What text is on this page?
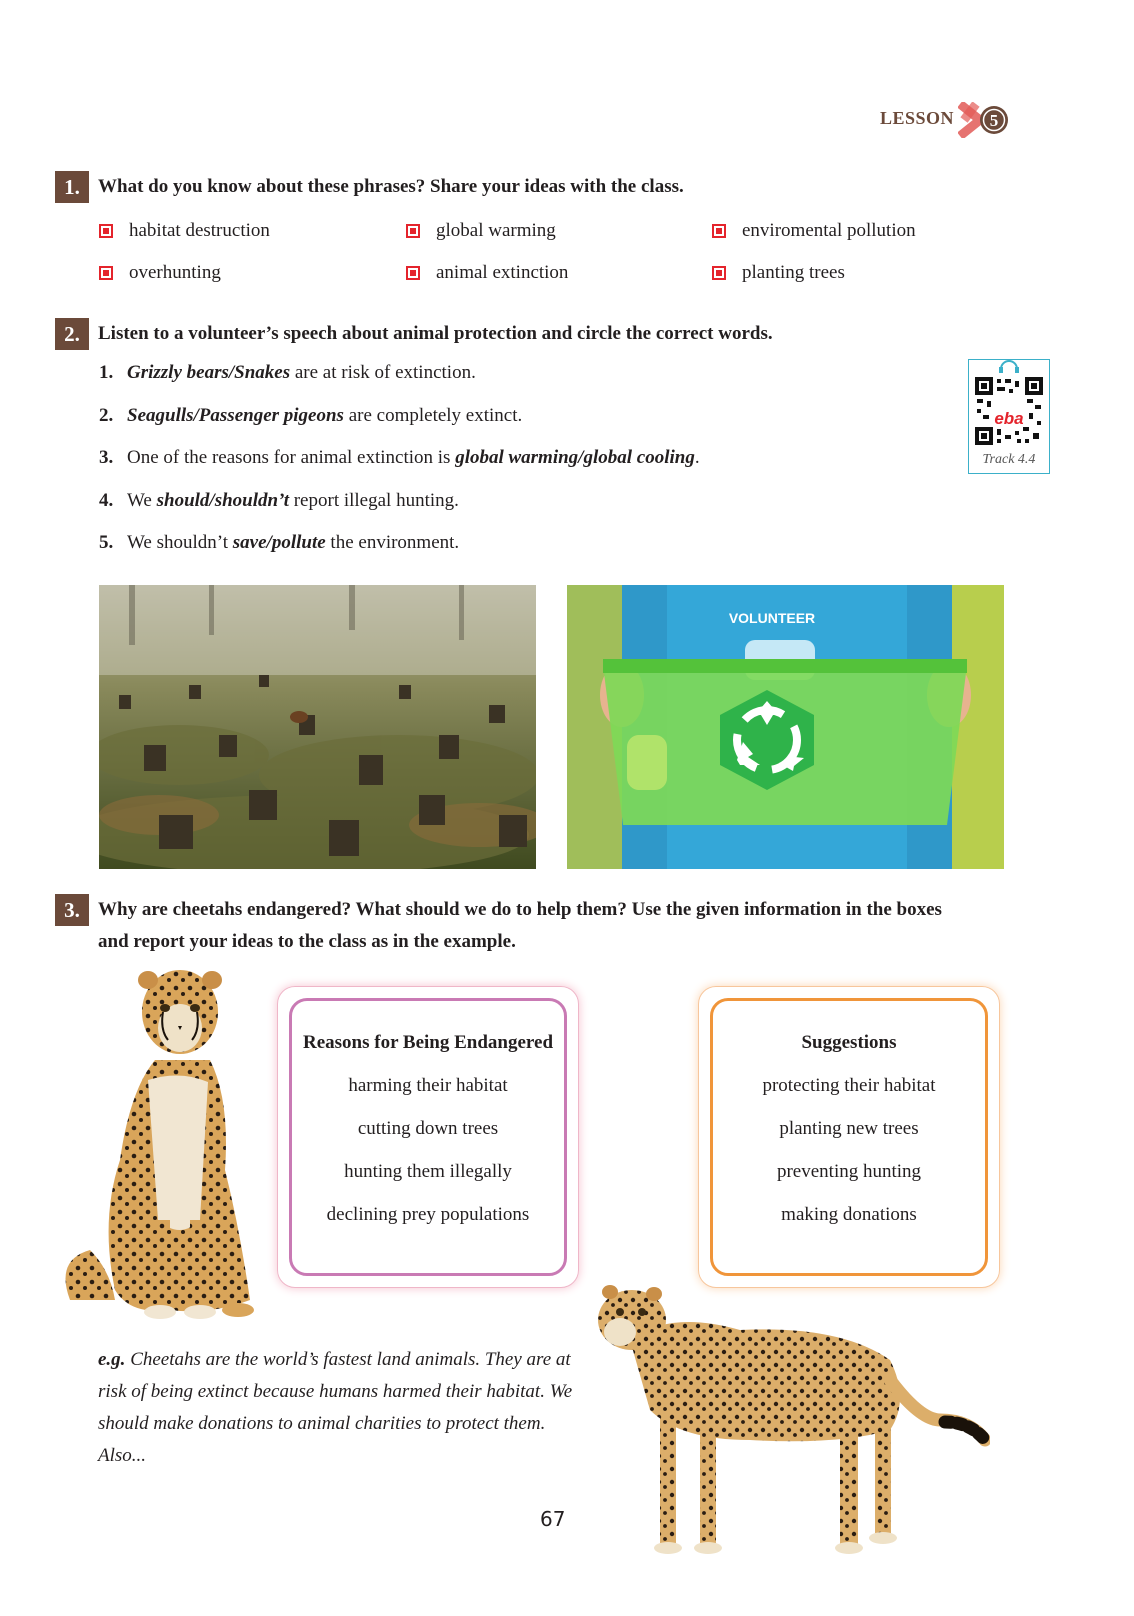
LESSON 5
1. What do you know about these phrases? Share your ideas with the class.
habitat destruction	global warming	enviromental pollution
overhunting	animal extinction	planting trees
2. Listen to a volunteer’s speech about animal protection and circle the correct words.
1. Grizzly bears/Snakes are at risk of extinction.
2. Seagulls/Passenger pigeons are completely extinct.
3. One of the reasons for animal extinction is global warming/global cooling.
4. We should/shouldn’t report illegal hunting.
5. We shouldn’t save/pollute the environment.
eba
Track 4.4
VOLUNTEER
3. Why are cheetahs endangered? What should we do to help them? Use the given information in the boxes
and report your ideas to the class as in the example.
Reasons for Being Endangered
harming their habitat
cutting down trees
hunting them illegally
declining prey populations
Suggestions
protecting their habitat
planting new trees
preventing hunting
making donations
e.g. Cheetahs are the world’s fastest land animals. They are at
risk of being extinct because humans harmed their habitat. We
should make donations to animal charities to protect them.
Also...
67
